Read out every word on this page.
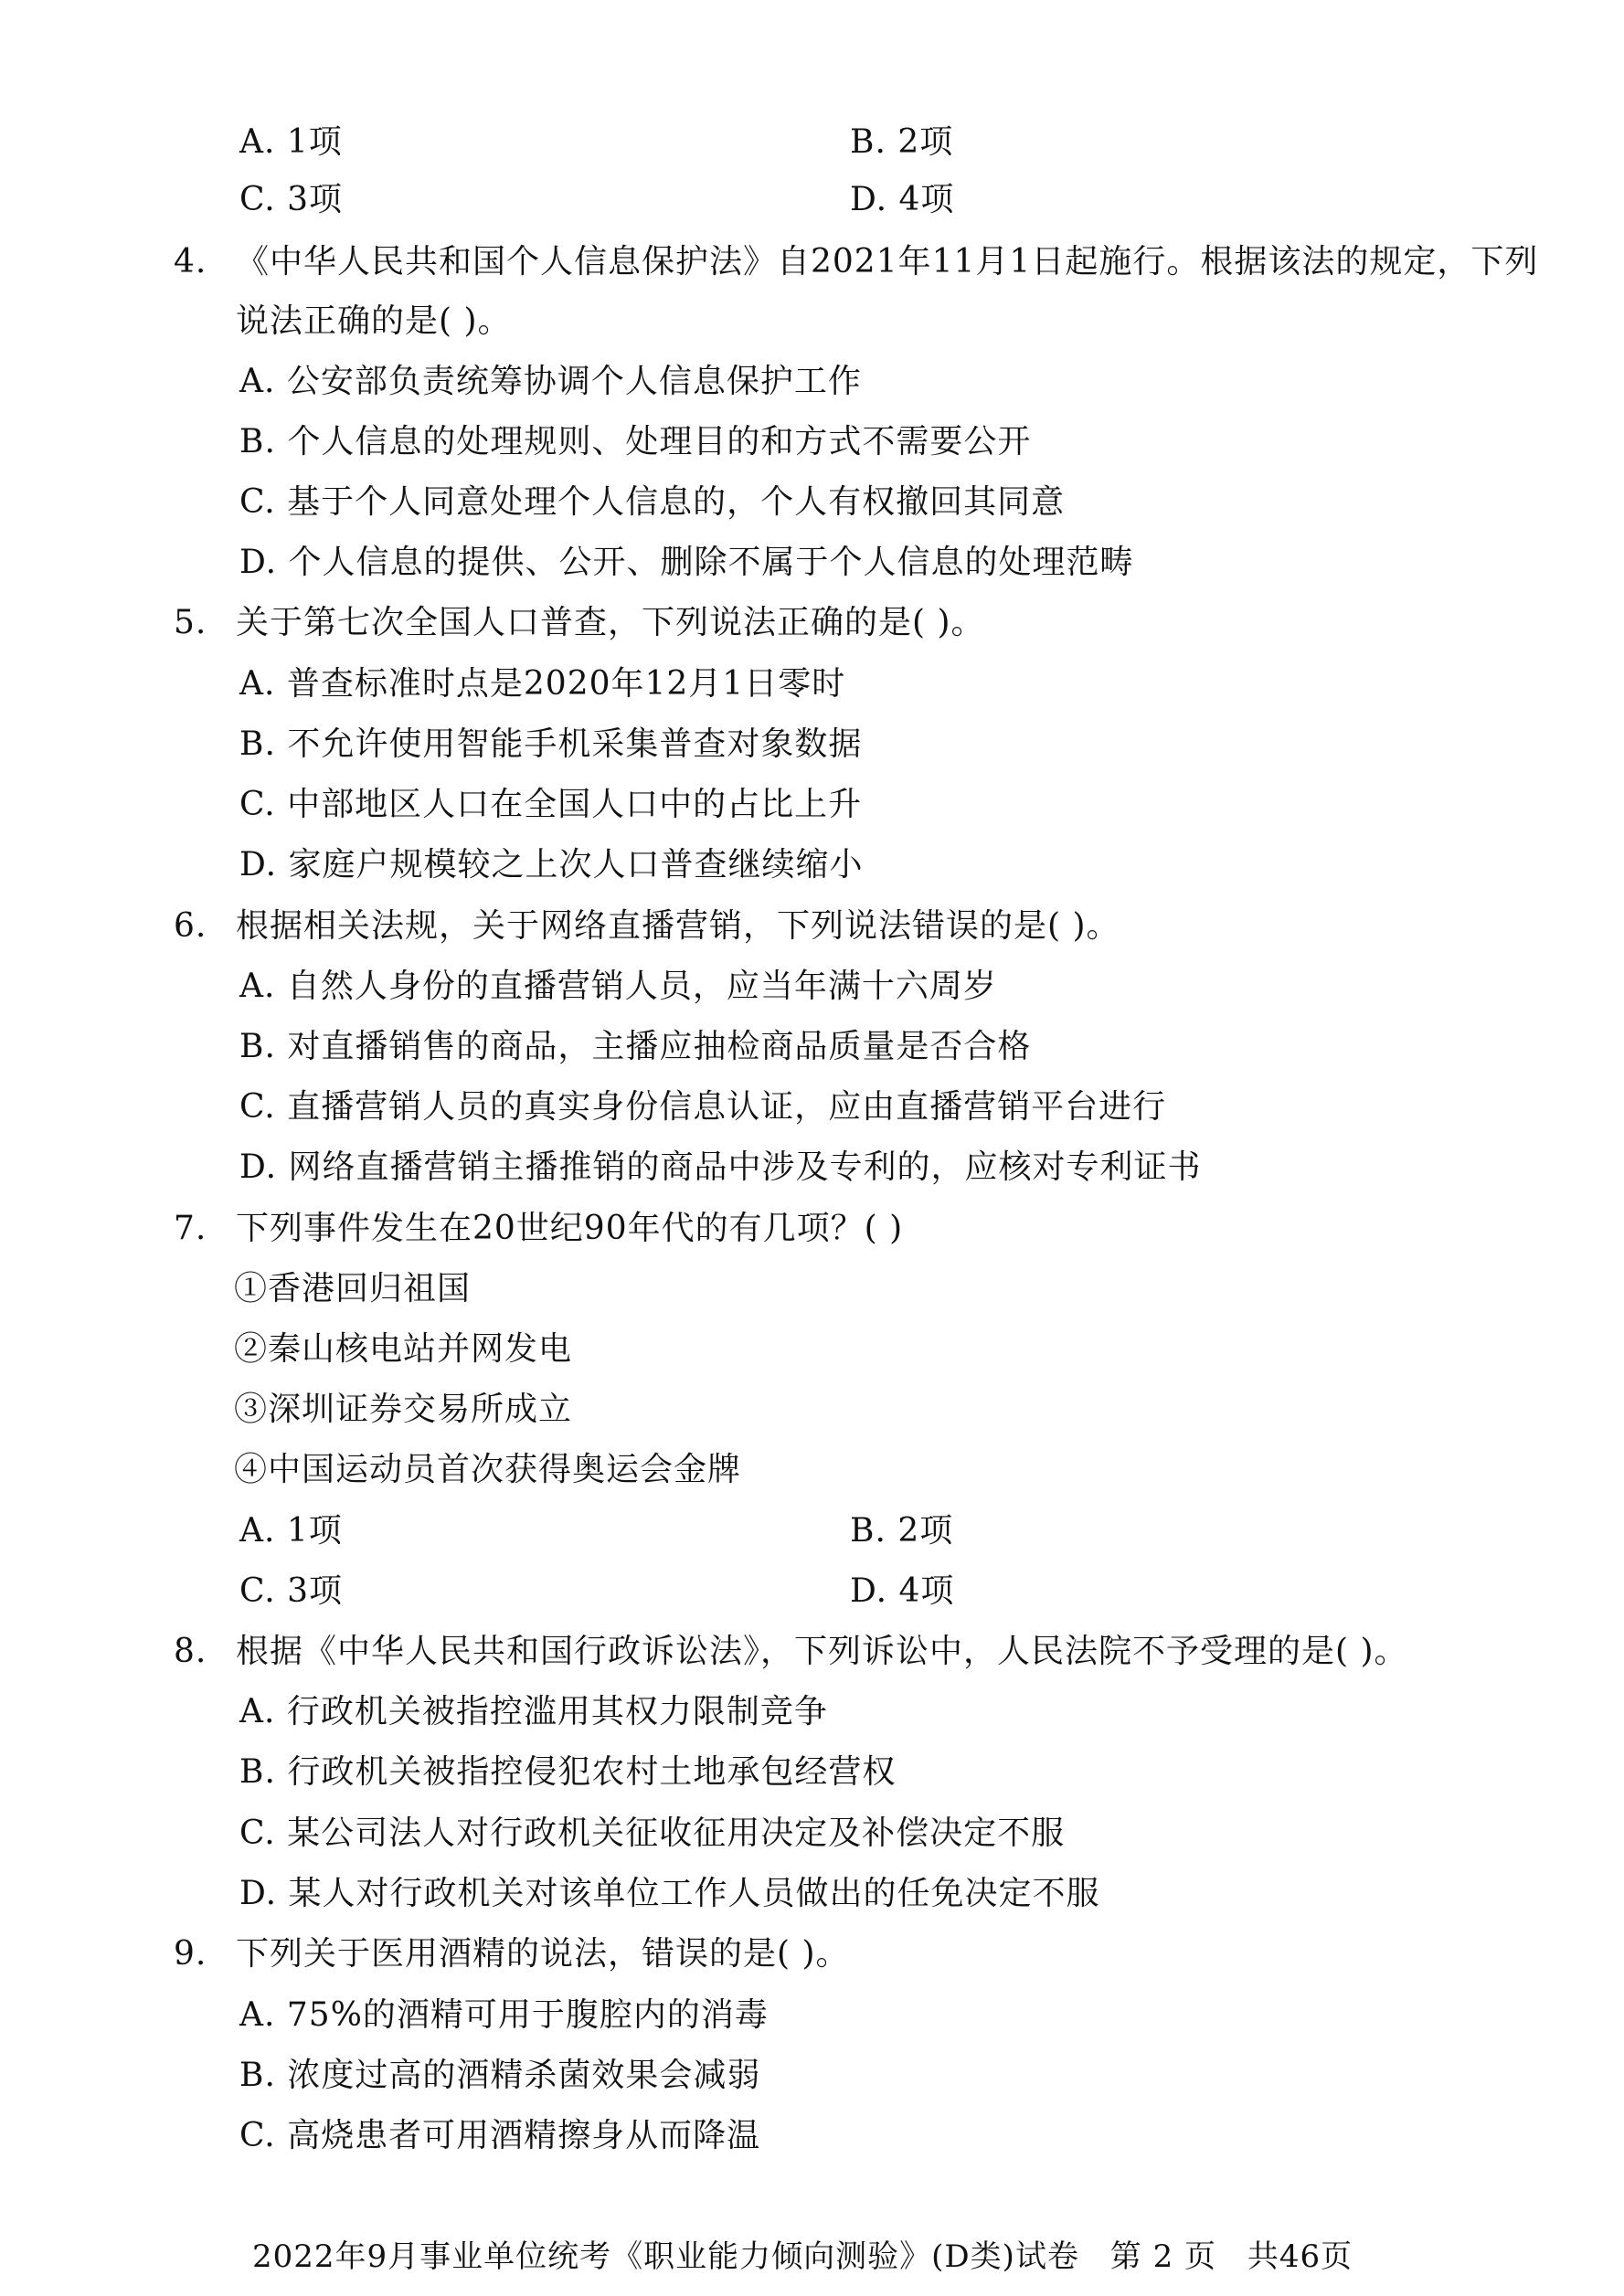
A. 1项	B. 2项
C. 3项	D. 4项
4. 《中华人民共和国个人信息保护法》自2021年11月1日起施行。根据该法的规定，下列
说法正确的是( )。
A. 公安部负责统筹协调个人信息保护工作
B. 个人信息的处理规则、处理目的和方式不需要公开
C. 基于个人同意处理个人信息的，个人有权撤回其同意
D. 个人信息的提供、公开、删除不属于个人信息的处理范畴
5. 关于第七次全国人口普查，下列说法正确的是( )。
A. 普查标准时点是2020年12月1日零时
B. 不允许使用智能手机采集普查对象数据
C. 中部地区人口在全国人口中的占比上升
D. 家庭户规模较之上次人口普查继续缩小
6. 根据相关法规，关于网络直播营销，下列说法错误的是( )。
A. 自然人身份的直播营销人员，应当年满十六周岁
B. 对直播销售的商品，主播应抽检商品质量是否合格
C. 直播营销人员的真实身份信息认证，应由直播营销平台进行
D. 网络直播营销主播推销的商品中涉及专利的，应核对专利证书
7. 下列事件发生在20世纪90年代的有几项？( )
①香港回归祖国
②秦山核电站并网发电
③深圳证券交易所成立
④中国运动员首次获得奥运会金牌
A. 1项	B. 2项
C. 3项	D. 4项
8. 根据《中华人民共和国行政诉讼法》，下列诉讼中，人民法院不予受理的是( )。
A. 行政机关被指控滥用其权力限制竞争
B. 行政机关被指控侵犯农村土地承包经营权
C. 某公司法人对行政机关征收征用决定及补偿决定不服
D. 某人对行政机关对该单位工作人员做出的任免决定不服
9. 下列关于医用酒精的说法，错误的是( )。
A. 75%的酒精可用于腹腔内的消毒
B. 浓度过高的酒精杀菌效果会减弱
C. 高烧患者可用酒精擦身从而降温
2022年9月事业单位统考《职业能力倾向测验》(D类)试卷 第 2 页 共46页
